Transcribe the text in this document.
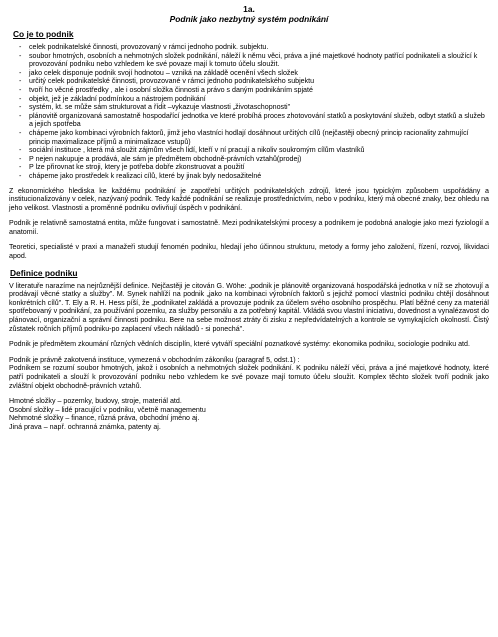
1a.
Podnik jako nezbytný systém podnikání
Co je to podnik
- celek podnikatelské činnosti, provozovaný v rámci jednoho podnik. subjektu.
- soubor hmotných, osobních a nehmotných složek podnikání, náleží k němu věci, práva a jiné majetkové hodnoty patřící podnikateli a sloužící k provozování podniku nebo vzhledem ke své povaze mají k tomuto účelu sloužit.
- jako celek disponuje podnik svojí hodnotou – vzniká na základě ocenění všech složek
- určitý celek podnikatelské činnosti, provozované v rámci jednoho podnikatelského subjektu
- tvoří ho věcné prostředky , ale i osobní složka činnosti a právo s daným podnikáním spjaté
- objekt, jež je základní podmínkou a nástrojem podnikání
- systém, kt. se může sám strukturovat a řídit –vykazuje vlastnosti „životaschopnosti"
- plánovitě organizovaná samostatně hospodařící jednotka ve které probíhá proces zhotovování statků a poskytování služeb, odbyt statků a služeb a jejich spotřeba
- chápeme jako kombinaci výrobních faktorů, jimž jeho vlastníci hodlají dosáhnout určitých cílů (nejčastěji obecný princip racionality zahrnující princip maximalizace příjmů a minimalizace vstupů)
- sociální instituce , která má sloužit zájmům všech lidí, kteří v ní pracují a nikoliv soukromým cílům vlastníků
- P nejen nakupuje a prodává, ale sám je předmětem obchodně-právních vztahů(prodej)
- P lze přirovnat ke stroji, ktery je potřeba dobře zkonstruovat a použití
- chápeme jako prostředek k realizaci cílů, které by jinak byly nedosažitelné

Z ekonomického hlediska ke každému podnikání je zapotřebí určitých podnikatelských zdrojů, které jsou typickým způsobem uspořádány a institucionalizovány v celek, nazývaný podnik. Tedy každé podnikání se realizuje prostřednictvím, nebo v podniku, který má obecné znaky, bez ohledu na jeho velikost. Vlastnosti a proměnné podniku ovlivňují úspěch v podnikání.

Podnik je relativně samostatná entita, může fungovat i samostatně. Mezi podnikatelskými procesy a podnikem je podobná analogie jako mezi fyziologií a anatomií.

Teoretici, specialisté v praxi a manažeři studují fenomén podniku, hledají jeho účinnou strukturu, metody a formy jeho založení, řízení, rozvoj, likvidaci apod.

Definice podniku

V literatuře narazíme na nejrůznější definice. Nejčastěji je citován G. Wöhe: „podnik je plánovitě organizovaná hospodářská jednotka v níž se zhotovují a prodávají věcné statky a služby". M. Synek nahlíží na podnik „jako na kombinaci výrobních faktorů s jejichž pomocí vlastníci podniku chtějí dosáhnout konkrétních cílů". T. Ely a R. H. Hess píší, že „podnikatel zakládá a provozuje podnik za účelem svého osobního prospěchu. Platí běžné ceny za materiál spotřebovaný v podnikání, za používání pozemku, za služby personálu a za potřebný kapitál. Vkládá svou vlastní iniciativu, dovednost a vynalézavost do plánovací, organizační a správní činnosti podniku. Bere na sebe možnost ztráty či zisku z nepředvídatelných a kontrole se vymykajících okolností. Čistý zůstatek ročních příjmů podniku-po zaplacení všech nákladů - si ponechá".

Podnik je předmětem zkoumání různých vědních disciplín, které vytváří speciální poznatkové systémy: ekonomika podniku, sociologie podniku atd.

Podnik je právně zakotvená instituce, vymezená v obchodním zákoníku (paragraf 5, odst.1) :
Podnikem se rozumí soubor hmotných, jakož i osobních a nehmotných složek podnikání. K podniku náleží věci, práva a jiné majetkové hodnoty, které patří podnikateli a slouží k provozování podniku nebo vzhledem ke své povaze mají tomuto účelu sloužit. Komplex těchto složek tvoří podnik jako zvláštní objekt obchodně-právních vztahů.

Hmotné složky – pozemky, budovy, stroje, materiál atd.
Osobní složky – lidé pracující v podniku, včetně managementu
Nehmotné složky – finance, různá práva, obchodní jméno aj.
Jiná prava – např. ochranná známka, patenty aj.
